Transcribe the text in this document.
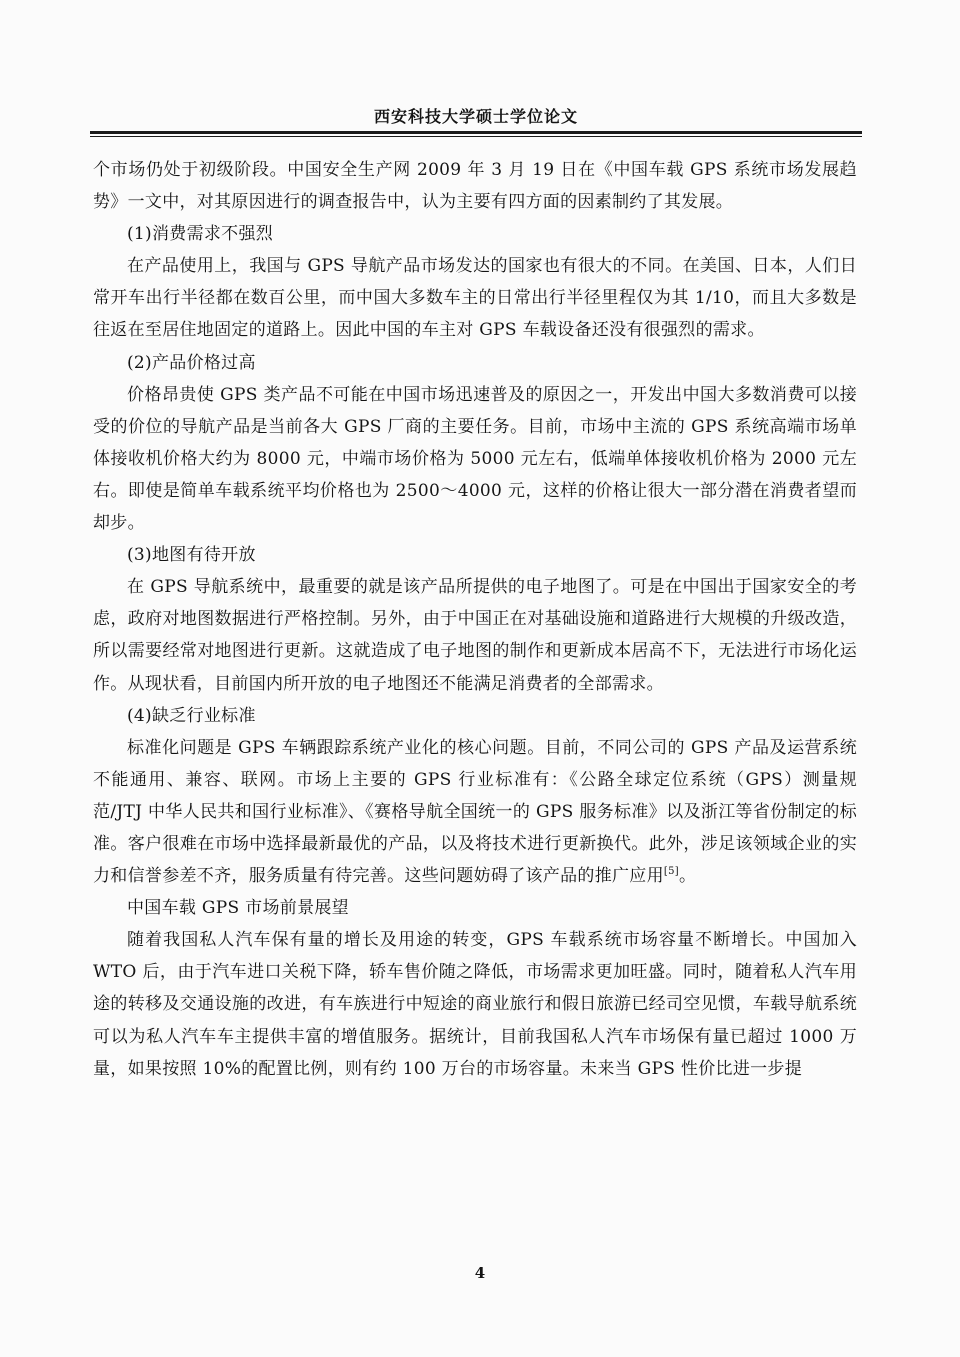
西安科技大学硕士学位论文

个市场仍处于初级阶段。中国安全生产网 2009 年 3 月 19 日在《中国车载 GPS 系统市场发展趋势》一文中，对其原因进行的调查报告中，认为主要有四方面的因素制约了其发展。

(1)消费需求不强烈

在产品使用上，我国与 GPS 导航产品市场发达的国家也有很大的不同。在美国、日本，人们日常开车出行半径都在数百公里，而中国大多数车主的日常出行半径里程仅为其 1/10，而且大多数是往返在至居住地固定的道路上。因此中国的车主对 GPS 车载设备还没有很强烈的需求。

(2)产品价格过高

价格昂贵使 GPS 类产品不可能在中国市场迅速普及的原因之一，开发出中国大多数消费可以接受的价位的导航产品是当前各大 GPS 厂商的主要任务。目前，市场中主流的 GPS 系统高端市场单体接收机价格大约为 8000 元，中端市场价格为 5000 元左右，低端单体接收机价格为 2000 元左右。即使是简单车载系统平均价格也为 2500～4000 元，这样的价格让很大一部分潜在消费者望而却步。

(3)地图有待开放

在 GPS 导航系统中，最重要的就是该产品所提供的电子地图了。可是在中国出于国家安全的考虑，政府对地图数据进行严格控制。另外，由于中国正在对基础设施和道路进行大规模的升级改造，所以需要经常对地图进行更新。这就造成了电子地图的制作和更新成本居高不下，无法进行市场化运作。从现状看，目前国内所开放的电子地图还不能满足消费者的全部需求。

(4)缺乏行业标准

标准化问题是 GPS 车辆跟踪系统产业化的核心问题。目前，不同公司的 GPS 产品及运营系统不能通用、兼容、联网。市场上主要的 GPS 行业标准有：《公路全球定位系统（GPS）测量规范/JTJ 中华人民共和国行业标准》、《赛格导航全国统一的 GPS 服务标准》以及浙江等省份制定的标准。客户很难在市场中选择最新最优的产品，以及将技术进行更新换代。此外，涉足该领域企业的实力和信誉参差不齐，服务质量有待完善。这些问题妨碍了该产品的推广应用[5]。

中国车载 GPS 市场前景展望

随着我国私人汽车保有量的增长及用途的转变，GPS 车载系统市场容量不断增长。中国加入 WTO 后，由于汽车进口关税下降，轿车售价随之降低，市场需求更加旺盛。同时，随着私人汽车用途的转移及交通设施的改进，有车族进行中短途的商业旅行和假日旅游已经司空见惯，车载导航系统可以为私人汽车车主提供丰富的增值服务。据统计，目前我国私人汽车市场保有量已超过 1000 万量，如果按照 10%的配置比例，则有约 100 万台的市场容量。未来当 GPS 性价比进一步提

4
